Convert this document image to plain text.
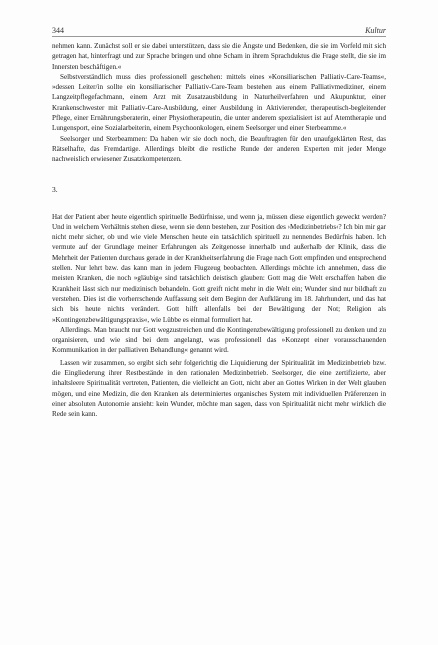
344	Kultur

nehmen kann. Zunächst soll er sie dabei unterstützen, dass sie die Ängste und Bedenken, die sie im Vorfeld mit sich getragen hat, hinterfragt und zur Sprache bringen und ohne Scham in ihrem Sprachduktus die Frage stellt, die sie im Innersten beschäftigen.«

Selbstverständlich muss dies professionell geschehen: mittels eines »Konsiliarischen Palliativ-Care-Teams«, »dessen Leiter/in sollte ein konsiliarischer Palliativ-Care-Team bestehen aus einem Palliativmediziner, einem Langzeitpflegefachmann, einem Arzt mit Zusatzausbildung in Naturheilverfahren und Akupunktur, einer Krankenschwester mit Palliativ-Care-Ausbildung, einer Ausbildung in Aktivierender, therapeutisch-begleitender Pflege, einer Ernährungsberaterin, einer Physiotherapeutin, die unter anderem spezialisiert ist auf Atemtherapie und Lungensport, eine Sozialarbeiterin, einem Psychoonkologen, einem Seelsorger und einer Sterbeamme.«

Seelsorger und Sterbeammen: Da haben wir sie doch noch, die Beauftragten für den unaufgeklärten Rest, das Rätselhafte, das Fremdartige. Allerdings bleibt die restliche Runde der anderen Experten mit jeder Menge nachweislich erwiesener Zusatzkompetenzen.

3.

Hat der Patient aber heute eigentlich spirituelle Bedürfnisse, und wenn ja, müssen diese eigentlich geweckt werden? Und in welchem Verhältnis stehen diese, wenn sie denn bestehen, zur Position des ›Medizinbetriebs‹? Ich bin mir gar nicht mehr sicher, ob und wie viele Menschen heute ein tatsächlich spirituell zu nennendes Bedürfnis haben. Ich vermute auf der Grundlage meiner Erfahrungen als Zeitgenosse innerhalb und außerhalb der Klinik, dass die Mehrheit der Patienten durchaus gerade in der Krankheitserfahrung die Frage nach Gott empfinden und entsprechend stellen. Nur lehrt bzw. das kann man in jedem Flugzeug beobachten. Allerdings möchte ich annehmen, dass die meisten Kranken, die noch »gläubig« sind tatsächlich deistisch glauben: Gott mag die Welt erschaffen haben die Krankheit lässt sich nur medizinisch behandeln. Gott greift nicht mehr in die Welt ein; Wunder sind nur bildhaft zu verstehen. Dies ist die vorherrschende Auffassung seit dem Beginn der Aufklärung im 18. Jahrhundert, und das hat sich bis heute nichts verändert. Gott hilft allenfalls bei der Bewältigung der Not; Religion als »Kontingenzbewältigungspraxis«, wie Lübbe es einmal formuliert hat.

Allerdings. Man braucht nur Gott wegzustreichen und die Kontingenzbewältigung professionell zu denken und zu organisieren, und wie sind bei dem angelangt, was professionell das »Konzept einer vorausschauenden Kommunikation in der palliativen Behandlung« genannt wird.

Lassen wir zusammen, so ergibt sich sehr folgerichtig die Liquidierung der Spiritualität im Medizinbetrieb bzw. die Eingliederung ihrer Restbestände in den rationalen Medizinbetrieb. Seelsorger, die eine zertifizierte, aber inhaltsleere Spiritualität vertreten, Patienten, die vielleicht an Gott, nicht aber an Gottes Wirken in der Welt glauben mögen, und eine Medizin, die den Kranken als determiniertes organisches System mit individuellen Präferenzen in einer absoluten Autonomie ansieht: kein Wunder, möchte man sagen, dass von Spiritualität nicht mehr wirklich die Rede sein kann.
